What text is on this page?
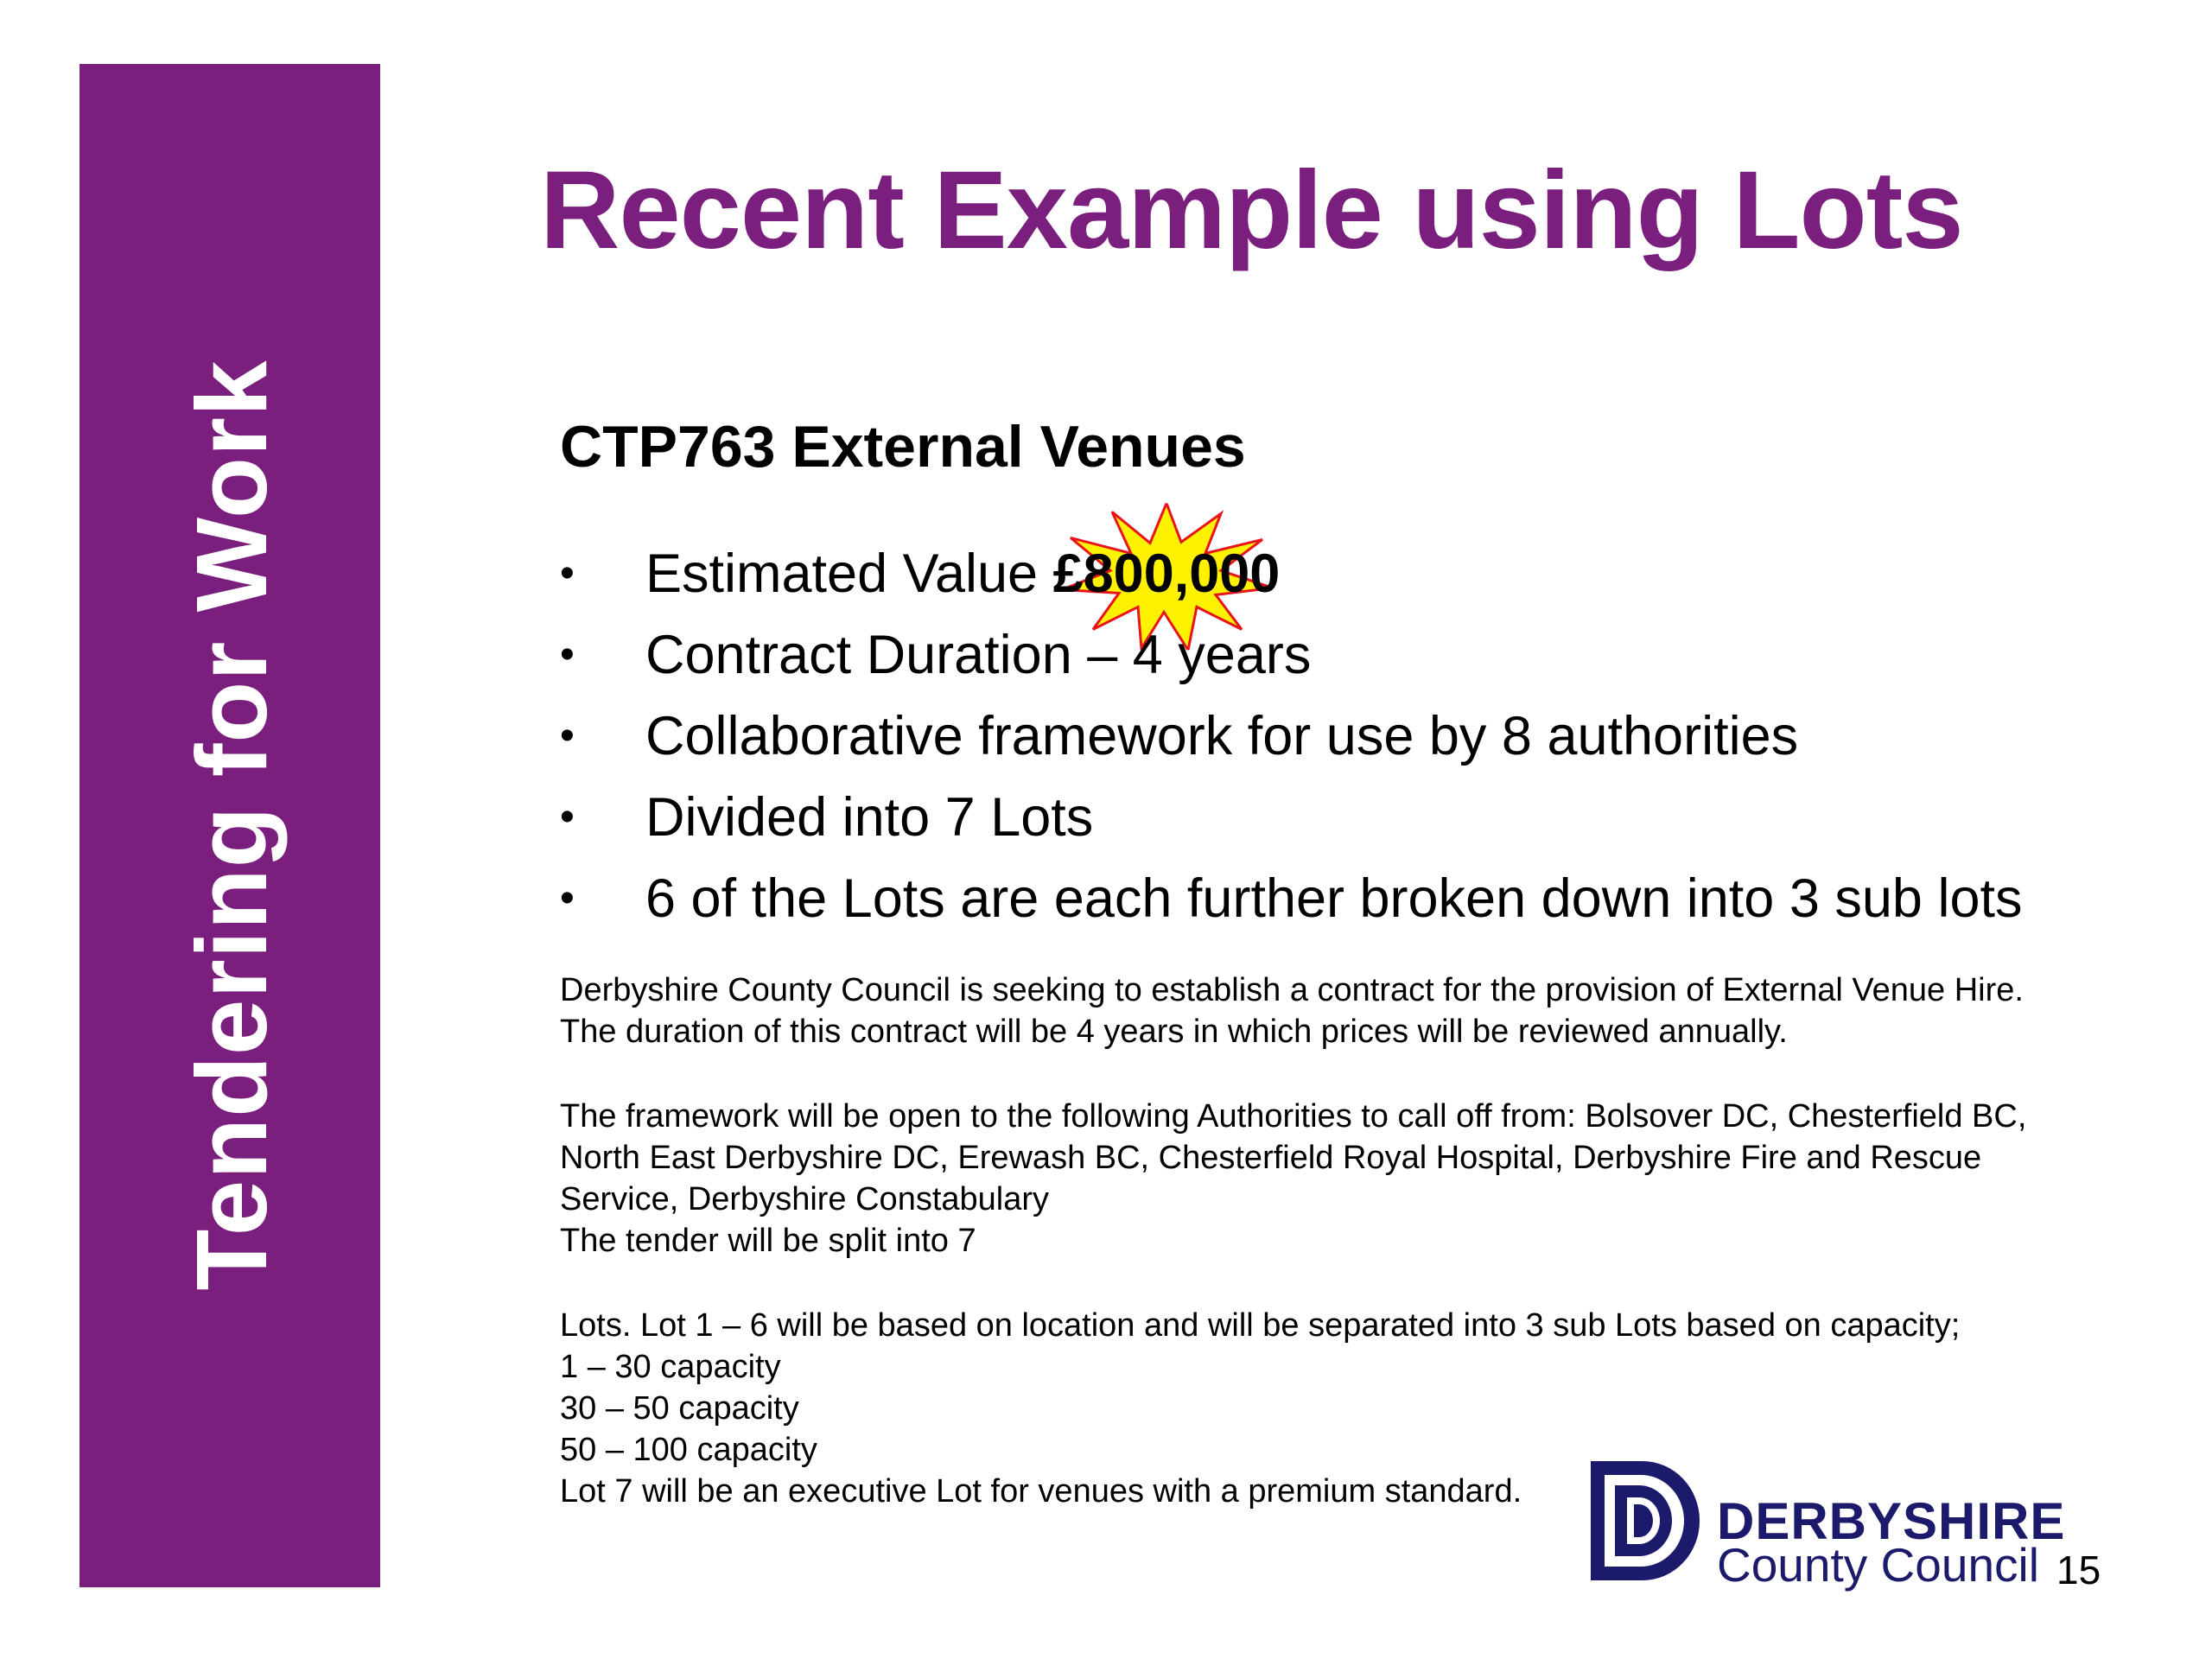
Tendering for Work
Recent Example using Lots
CTP763 External Venues
• Estimated Value
£800,000
• Contract Duration – 4 years
• Collaborative framework for use by 8 authorities
• Divided into 7 Lots
• 6 of the Lots are each further broken down into 3 sub lots
Derbyshire County Council is seeking to establish a contract for the provision of External Venue Hire.
The duration of this contract will be 4 years in which prices will be reviewed annually.
The framework will be open to the following Authorities to call off from: Bolsover DC, Chesterfield BC,
North East Derbyshire DC, Erewash BC, Chesterfield Royal Hospital, Derbyshire Fire and Rescue
Service, Derbyshire Constabulary
The tender will be split into 7
Lots. Lot 1 – 6 will be based on location and will be separated into 3 sub Lots based on capacity;
1 – 30 capacity
30 – 50 capacity
50 – 100 capacity
Lot 7 will be an executive Lot for venues with a premium standard.
DERBYSHIRE
County Council 15
